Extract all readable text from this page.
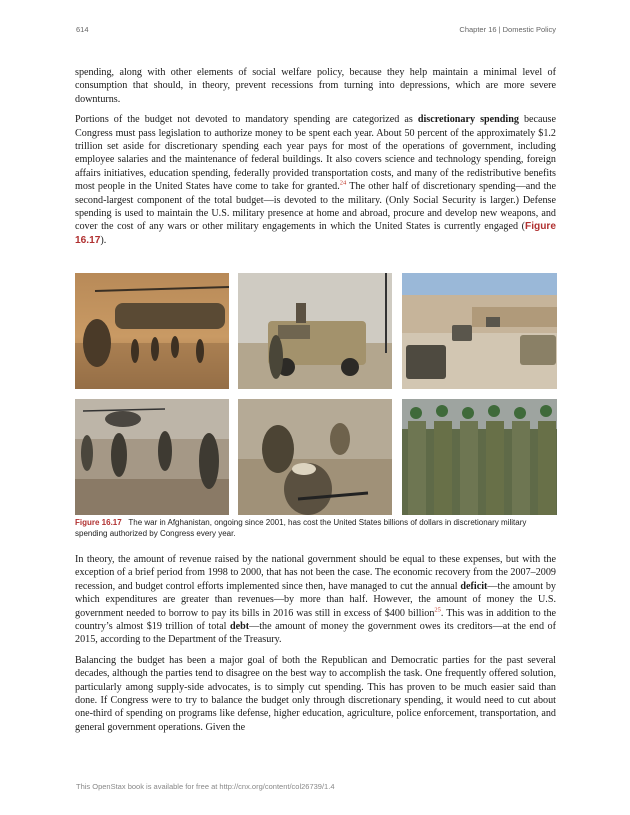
614	Chapter 16 | Domestic Policy

spending, along with other elements of social welfare policy, because they help maintain a minimal level of consumption that should, in theory, prevent recessions from turning into depressions, which are more severe downturns.

Portions of the budget not devoted to mandatory spending are categorized as discretionary spending because Congress must pass legislation to authorize money to be spent each year. About 50 percent of the approximately $1.2 trillion set aside for discretionary spending each year pays for most of the operations of government, including employee salaries and the maintenance of federal buildings. It also covers science and technology spending, foreign affairs initiatives, education spending, federally provided transportation costs, and many of the redistributive benefits most people in the United States have come to take for granted.$^{24}$ The other half of discretionary spending—and the second-largest component of the total budget—is devoted to the military. (Only Social Security is larger.) Defense spending is used to maintain the U.S. military presence at home and abroad, procure and develop new weapons, and cover the cost of any wars or other military engagements in which the United States is currently engaged (Figure 16.17).

Figure 16.17 The war in Afghanistan, ongoing since 2001, has cost the United States billions of dollars in discretionary military spending authorized by Congress every year.

In theory, the amount of revenue raised by the national government should be equal to these expenses, but with the exception of a brief period from 1998 to 2000, that has not been the case. The economic recovery from the 2007–2009 recession, and budget control efforts implemented since then, have managed to cut the annual deficit—the amount by which expenditures are greater than revenues—by more than half. However, the amount of money the U.S. government needed to borrow to pay its bills in 2016 was still in excess of $400 billion$^{25}$. This was in addition to the country’s almost $19 trillion of total debt—the amount of money the government owes its creditors—at the end of 2015, according to the Department of the Treasury.

Balancing the budget has been a major goal of both the Republican and Democratic parties for the past several decades, although the parties tend to disagree on the best way to accomplish the task. One frequently offered solution, particularly among supply-side advocates, is to simply cut spending. This has proven to be much easier said than done. If Congress were to try to balance the budget only through discretionary spending, it would need to cut about one-third of spending on programs like defense, higher education, agriculture, police enforcement, transportation, and general government operations. Given the

This OpenStax book is available for free at http://cnx.org/content/col26739/1.4
